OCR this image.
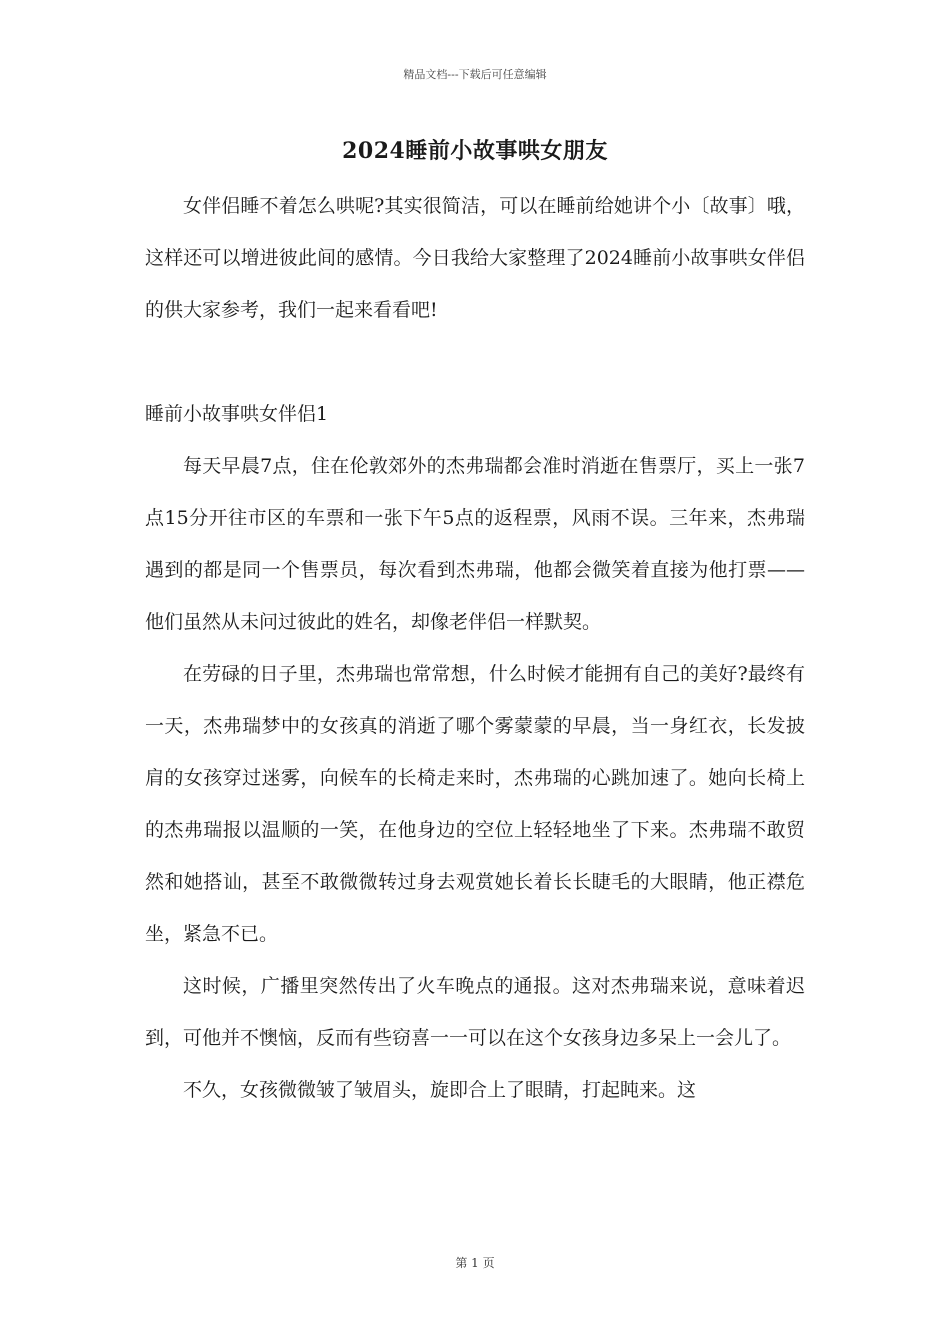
精品文档---下载后可任意编辑
2024睡前小故事哄女朋友

女伴侣睡不着怎么哄呢?其实很简洁，可以在睡前给她讲个小〔故事〕哦，这样还可以增进彼此间的感情。今日我给大家整理了2024睡前小故事哄女伴侣的供大家参考，我们一起来看看吧!

睡前小故事哄女伴侣1

每天早晨7点，住在伦敦郊外的杰弗瑞都会准时消逝在售票厅，买上一张7点15分开往市区的车票和一张下午5点的返程票，风雨不误。三年来，杰弗瑞遇到的都是同一个售票员，每次看到杰弗瑞，他都会微笑着直接为他打票——他们虽然从未问过彼此的姓名，却像老伴侣一样默契。

在劳碌的日子里，杰弗瑞也常常想，什么时候才能拥有自己的美好?最终有一天，杰弗瑞梦中的女孩真的消逝了哪个雾蒙蒙的早晨，当一身红衣，长发披肩的女孩穿过迷雾，向候车的长椅走来时，杰弗瑞的心跳加速了。她向长椅上的杰弗瑞报以温顺的一笑，在他身边的空位上轻轻地坐了下来。杰弗瑞不敢贸然和她搭讪，甚至不敢微微转过身去观赏她长着长长睫毛的大眼睛，他正襟危坐，紧急不已。

这时候，广播里突然传出了火车晚点的通报。这对杰弗瑞来说，意味着迟到，可他并不懊恼，反而有些窃喜一一可以在这个女孩身边多呆上一会儿了。

不久，女孩微微皱了皱眉头，旋即合上了眼睛，打起盹来。这

第 1 页
